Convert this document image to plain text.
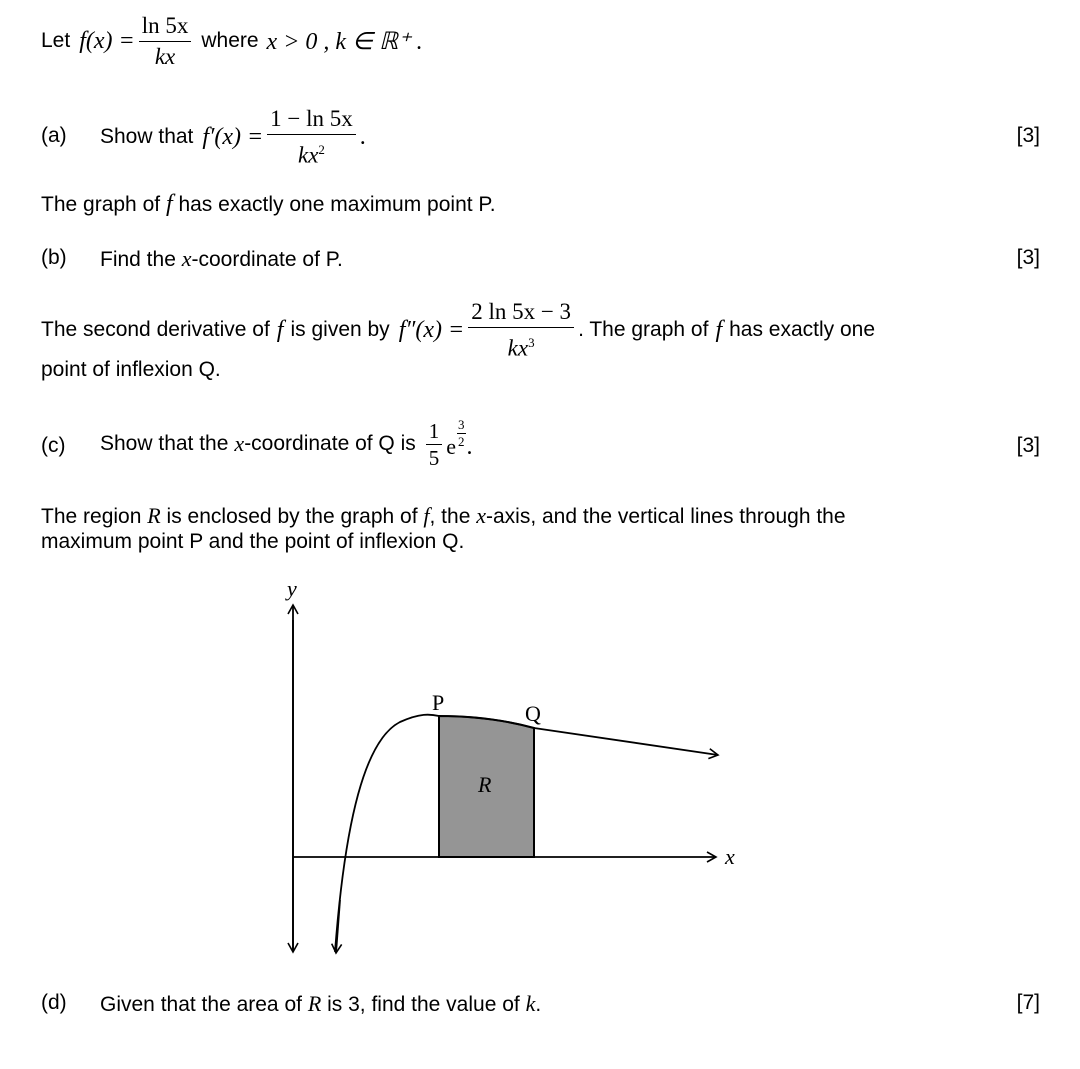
Let $f(x) = \frac{\ln 5x}{kx}$ where x > 0 , k ∈ ℝ⁺ .
(a) Show that $f'(x) = \frac{1 - \ln 5x}{kx^2}$ .	[3]
The graph of f has exactly one maximum point P.
(b) Find the x-coordinate of P.	[3]
The second derivative of f is given by $f''(x) = \frac{2 \ln 5x - 3}{kx^3}$ . The graph of f has exactly one
point of inflexion Q.
(c) Show that the x -coordinate of Q is $\frac{1}{5}$ e $\frac{3}{2}$ .	[3]
The region R is enclosed by the graph of f, the x-axis, and the vertical lines through the
maximum point P and the point of inflexion Q.
y
x
P	Q
R
(d) Given that the area of R is 3, find the value of k.	[7]
